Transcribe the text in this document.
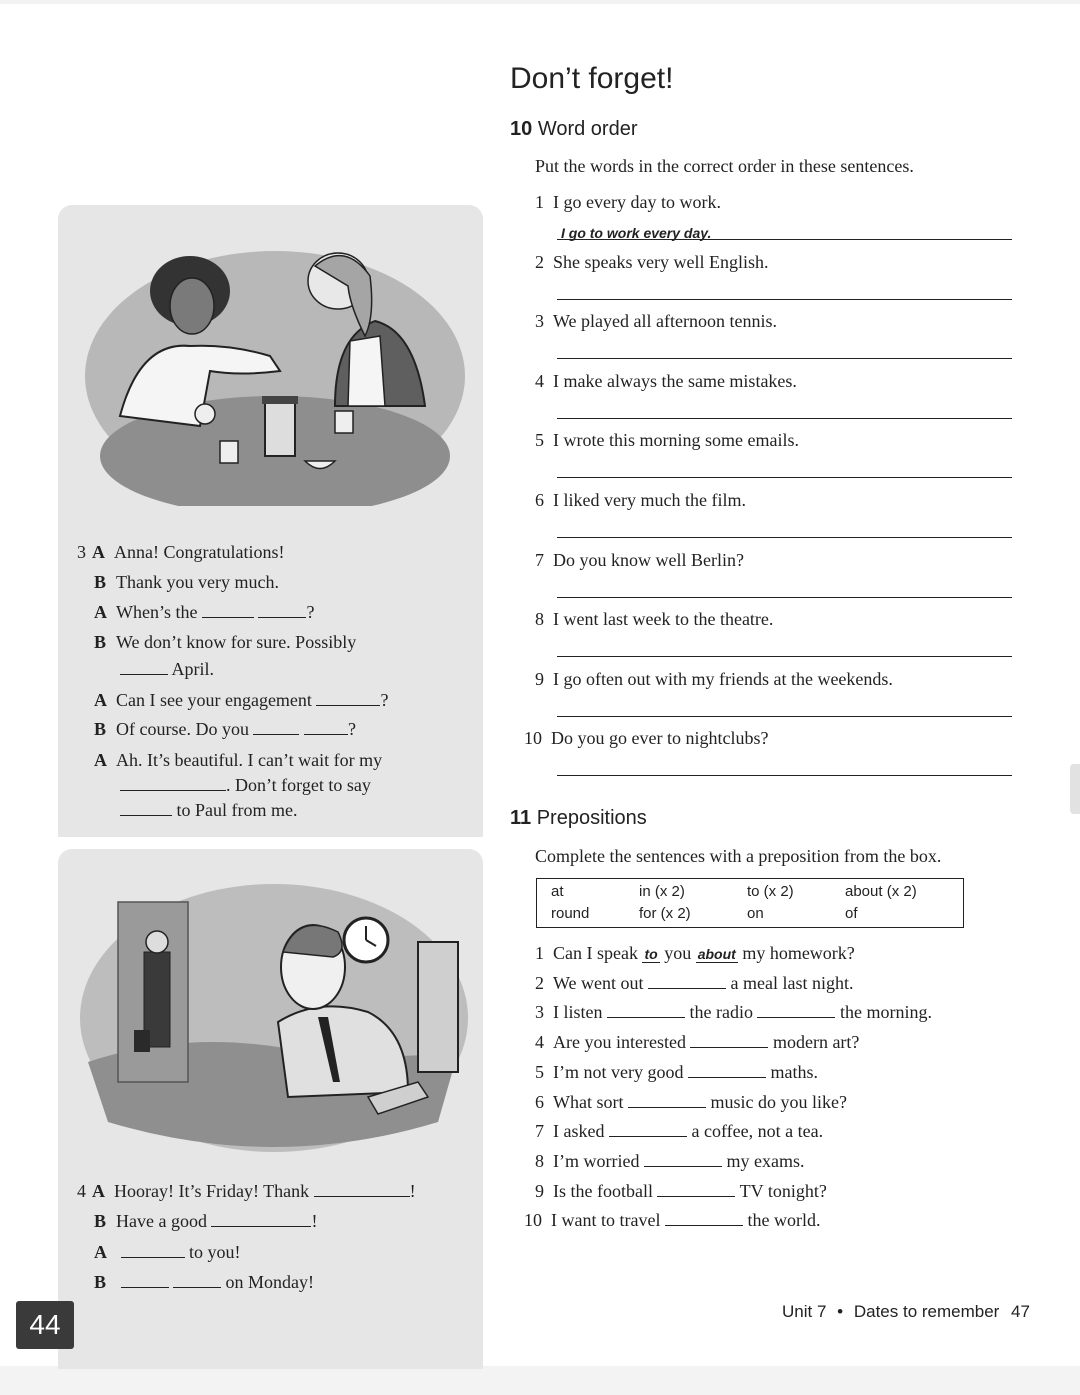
3 A Anna! Congratulations!
B Thank you very much.
A When’s the	?
B We don’t know for sure. Possibly
April.
A Can I see your engagement	?
B Of course. Do you	?
A Ah. It’s beautiful. I can’t wait for my
. Don’t forget to say
to Paul from me.
4 A Hooray! It’s Friday! Thank	!
B Have a good	!
A	to you!
B	on Monday!
Don’t forget!
10 Word order
Put the words in the correct order in these sentences.
1 I go every day to work.
I go to work every day.
2 She speaks very well English.
3 We played all afternoon tennis.
4 I make always the same mistakes.
5 I wrote this morning some emails.
6 I liked very much the film.
7 Do you know well Berlin?
8 I went last week to the theatre.
9 I go often out with my friends at the weekends.
10 Do you go ever to nightclubs?
11 Prepositions
Complete the sentences with a preposition from the box.
at	in (x 2)	to (x 2)	about (x 2)
round	for (x 2)	on	of
1 Can I speak to you about my homework?
2 We went out	a meal last night.
3 I listen	the radio	the morning.
4 Are you interested	modern art?
5 I’m not very good	maths.
6 What sort	music do you like?
7 I asked	a coffee, not a tea.
8 I’m worried	my exams.
9 Is the football	TV tonight?
10 I want to travel	the world.
Unit 7 • Dates to remember 47
44
